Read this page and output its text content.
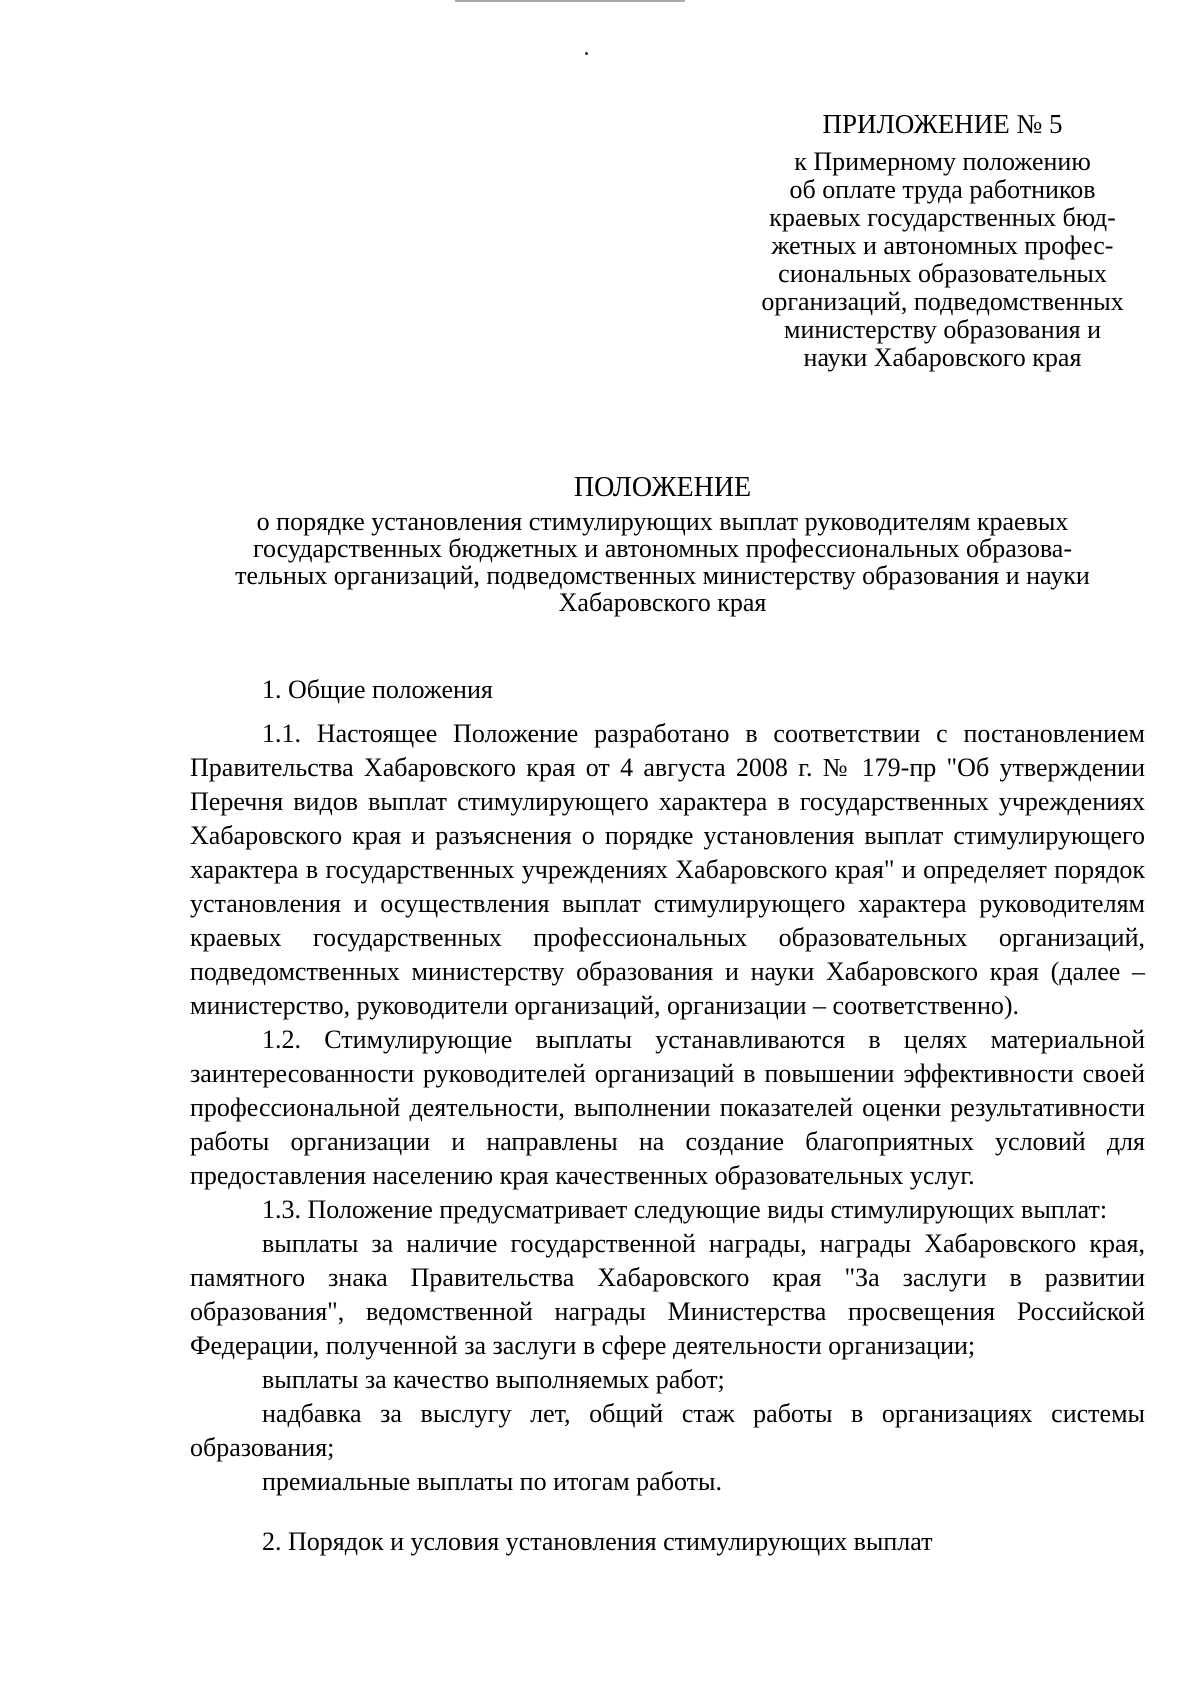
ПРИЛОЖЕНИЕ № 5
к Примерному положению
об оплате труда работников
краевых государственных бюд-
жетных и автономных профес-
сиональных образовательных
организаций, подведомственных
министерству образования и
науки Хабаровского края
ПОЛОЖЕНИЕ
о порядке установления стимулирующих выплат руководителям краевых
государственных бюджетных и автономных профессиональных образова-
тельных организаций, подведомственных министерству образования и науки
Хабаровского края
1. Общие положения

1.1. Настоящее Положение разработано в соответствии с постановлением Правительства Хабаровского края от 4 августа 2008 г. № 179-пр "Об утверждении Перечня видов выплат стимулирующего характера в государственных учреждениях Хабаровского края и разъяснения о порядке установления выплат стимулирующего характера в государственных учреждениях Хабаровского края" и определяет порядок установления и осуществления выплат стимулирующего характера руководителям краевых государственных профессиональных образовательных организаций, подведомственных министерству образования и науки Хабаровского края (далее – министерство, руководители организаций, организации – соответственно).

1.2. Стимулирующие выплаты устанавливаются в целях материальной заинтересованности руководителей организаций в повышении эффективности своей профессиональной деятельности, выполнении показателей оценки результативности работы организации и направлены на создание благоприятных условий для предоставления населению края качественных образовательных услуг.

1.3. Положение предусматривает следующие виды стимулирующих выплат:

выплаты за наличие государственной награды, награды Хабаровского края, памятного знака Правительства Хабаровского края "За заслуги в развитии образования", ведомственной награды Министерства просвещения Российской Федерации, полученной за заслуги в сфере деятельности организации;

выплаты за качество выполняемых работ;

надбавка за выслугу лет, общий стаж работы в организациях системы образования;

премиальные выплаты по итогам работы.

2. Порядок и условия установления стимулирующих выплат
